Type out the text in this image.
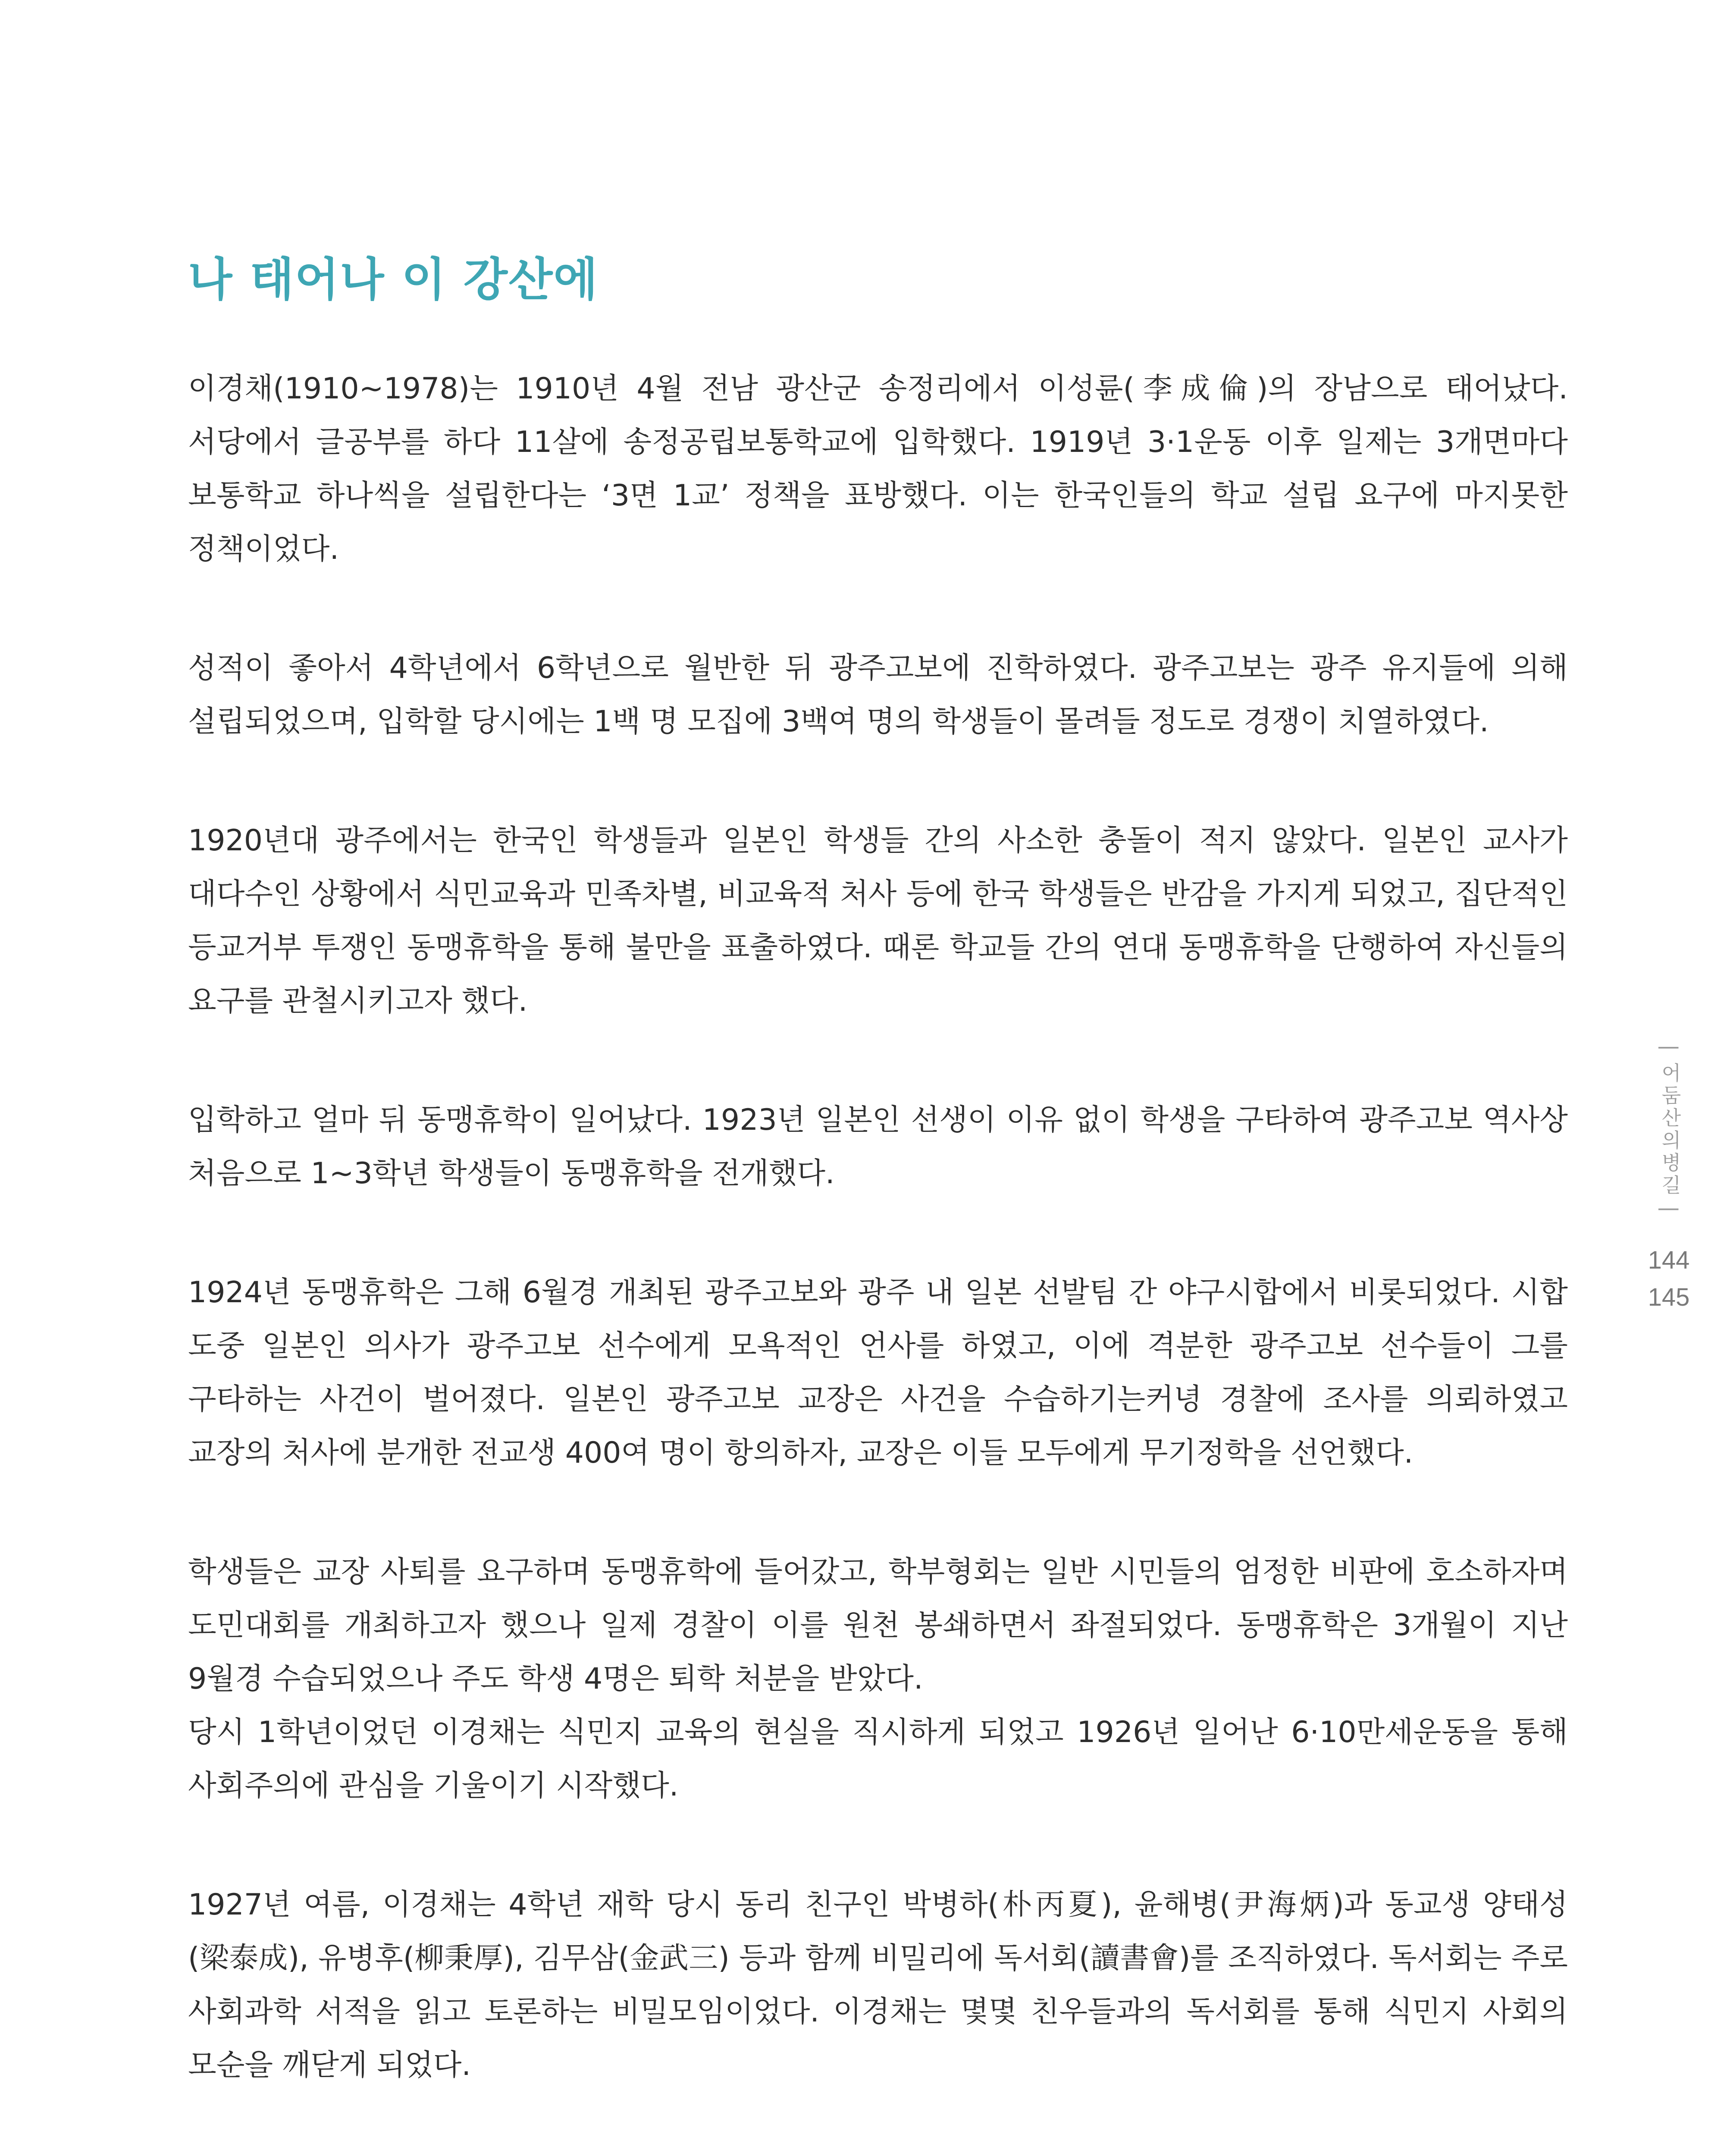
나 태어나 이 강산에

이경채(1910~1978)는 1910년 4월 전남 광산군 송정리에서 이성륜(李成倫)의 장남으로 태어났다. 서당에서 글공부를 하다 11살에 송정공립보통학교에 입학했다. 1919년 3·1운동 이후 일제는 3개면마다 보통학교 하나씩을 설립한다는 ‘3면 1교’ 정책을 표방했다. 이는 한국인들의 학교 설립 요구에 마지못한 정책이었다.

성적이 좋아서 4학년에서 6학년으로 월반한 뒤 광주고보에 진학하였다. 광주고보는 광주 유지들에 의해 설립되었으며, 입학할 당시에는 1백 명 모집에 3백여 명의 학생들이 몰려들 정도로 경쟁이 치열하였다.

1920년대 광주에서는 한국인 학생들과 일본인 학생들 간의 사소한 충돌이 적지 않았다. 일본인 교사가 대다수인 상황에서 식민교육과 민족차별, 비교육적 처사 등에 한국 학생들은 반감을 가지게 되었고, 집단적인 등교거부 투쟁인 동맹휴학을 통해 불만을 표출하였다. 때론 학교들 간의 연대 동맹휴학을 단행하여 자신들의 요구를 관철시키고자 했다.

입학하고 얼마 뒤 동맹휴학이 일어났다. 1923년 일본인 선생이 이유 없이 학생을 구타하여 광주고보 역사상 처음으로 1~3학년 학생들이 동맹휴학을 전개했다.

1924년 동맹휴학은 그해 6월경 개최된 광주고보와 광주 내 일본 선발팀 간 야구시합에서 비롯되었다. 시합 도중 일본인 의사가 광주고보 선수에게 모욕적인 언사를 하였고, 이에 격분한 광주고보 선수들이 그를 구타하는 사건이 벌어졌다. 일본인 광주고보 교장은 사건을 수습하기는커녕 경찰에 조사를 의뢰하였고 교장의 처사에 분개한 전교생 400여 명이 항의하자, 교장은 이들 모두에게 무기정학을 선언했다.

학생들은 교장 사퇴를 요구하며 동맹휴학에 들어갔고, 학부형회는 일반 시민들의 엄정한 비판에 호소하자며 도민대회를 개최하고자 했으나 일제 경찰이 이를 원천 봉쇄하면서 좌절되었다. 동맹휴학은 3개월이 지난 9월경 수습되었으나 주도 학생 4명은 퇴학 처분을 받았다.

당시 1학년이었던 이경채는 식민지 교육의 현실을 직시하게 되었고 1926년 일어난 6·10만세운동을 통해 사회주의에 관심을 기울이기 시작했다.

1927년 여름, 이경채는 4학년 재학 당시 동리 친구인 박병하(朴丙夏), 윤해병(尹海炳)과 동교생 양태성(梁泰成), 유병후(柳秉厚), 김무삼(金武三) 등과 함께 비밀리에 독서회(讀書會)를 조직하였다. 독서회는 주로 사회과학 서적을 읽고 토론하는 비밀모임이었다. 이경채는 몇몇 친우들과의 독서회를 통해 식민지 사회의 모순을 깨닫게 되었다.

| 어둠산의병길 |
144
145
